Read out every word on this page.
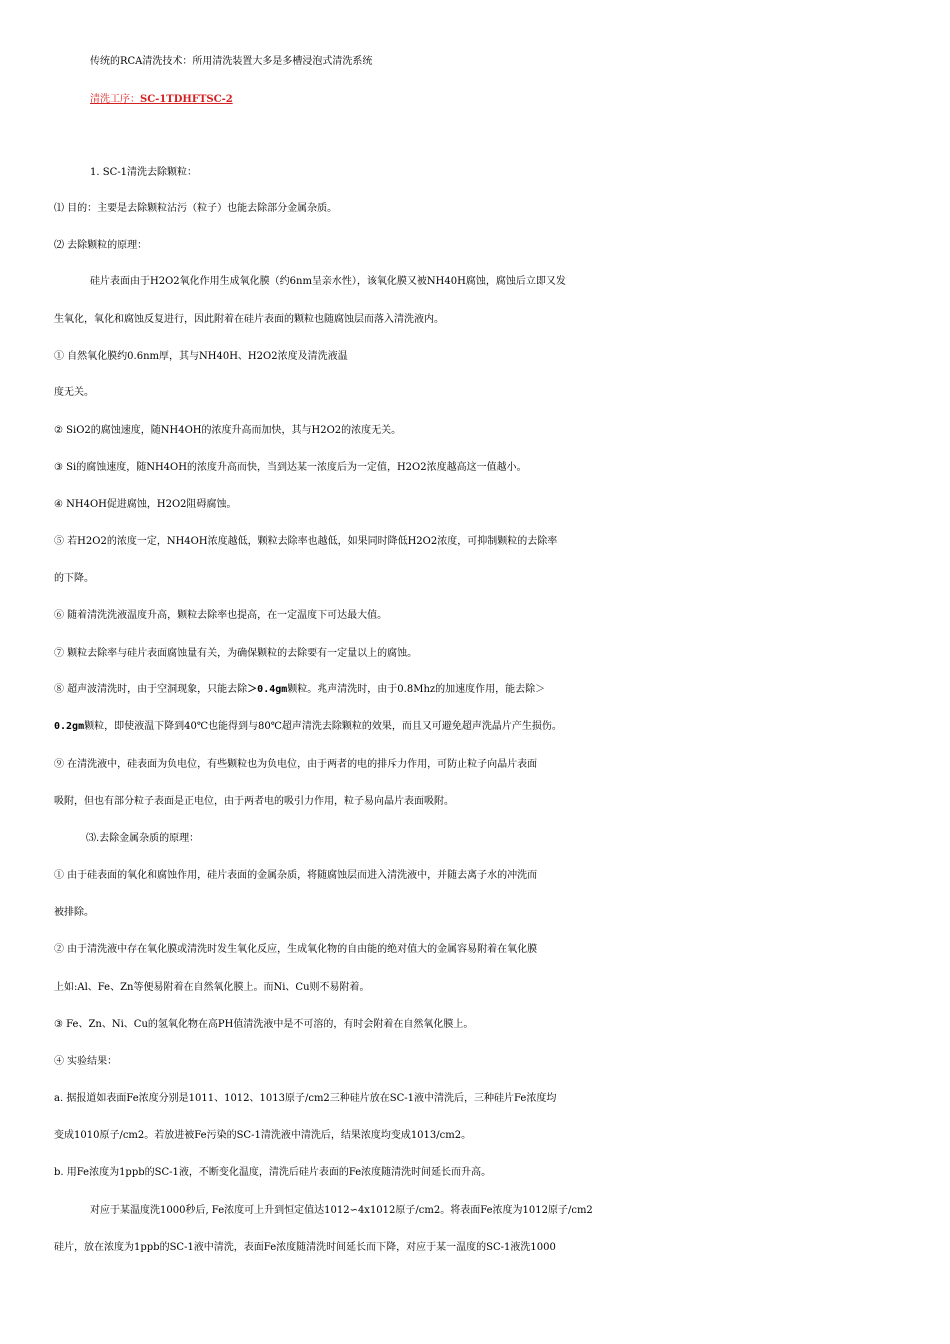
传统的RCA清洗技术：所用清洗装置大多是多槽浸泡式清洗系统
清洗工序：SC-1TDHFTSC-2
1. SC-1清洗去除颗粒：
⑴ 目的：主要是去除颗粒沾污（粒子）也能去除部分金属杂质。
⑵ 去除颗粒的原理：
硅片表面由于H2O2氧化作用生成氧化膜（约6nm呈亲水性），该氧化膜又被NH40H腐蚀，腐蚀后立即又发
生氧化，氧化和腐蚀反复进行，因此附着在硅片表面的颗粒也随腐蚀层而落入清洗液内。
① 自然氧化膜约0.6nm厚，其与NH40H、H2O2浓度及清洗液温
度无关。
② SiO2的腐蚀速度，随NH4OH的浓度升高而加快，其与H2O2的浓度无关。
③ Si的腐蚀速度，随NH4OH的浓度升高而快，当到达某一浓度后为一定值，H2O2浓度越高这一值越小。
④ NH4OH促进腐蚀，H2O2阻碍腐蚀。
⑤ 若H2O2的浓度一定，NH4OH浓度越低，颗粒去除率也越低，如果同时降低H2O2浓度，可抑制颗粒的去除率
的下降。
⑥ 随着清洗洗液温度升高，颗粒去除率也提高，在一定温度下可达最大值。
⑦ 颗粒去除率与硅片表面腐蚀量有关，为确保颗粒的去除要有一定量以上的腐蚀。
⑧ 超声波清洗时，由于空洞现象，只能去除＞0.4gm颗粒。兆声清洗时，由于0.8Mhz的加速度作用，能去除＞
0.2gm颗粒，即使液温下降到40℃也能得到与80℃超声清洗去除颗粒的效果，而且又可避免超声洗晶片产生损伤。
⑨ 在清洗液中，硅表面为负电位，有些颗粒也为负电位，由于两者的电的排斥力作用，可防止粒子向晶片表面
吸附，但也有部分粒子表面是正电位，由于两者电的吸引力作用，粒子易向晶片表面吸附。
⑶.去除金属杂质的原理：
① 由于硅表面的氧化和腐蚀作用，硅片表面的金属杂质，将随腐蚀层而进入清洗液中，并随去离子水的冲洗而
被排除。
② 由于清洗液中存在氧化膜或清洗时发生氧化反应，生成氧化物的自由能的绝对值大的金属容易附着在氧化膜
上如:Al、Fe、Zn等便易附着在自然氧化膜上。而Ni、Cu则不易附着。
③ Fe、Zn、Ni、Cu的氢氧化物在高PH值清洗液中是不可溶的，有时会附着在自然氧化膜上。
④ 实验结果：
a. 据报道如表面Fe浓度分别是1011、1012、1013原子/cm2三种硅片放在SC-1液中清洗后，三种硅片Fe浓度均
变成1010原子/cm2。若放进被Fe污染的SC-1清洗液中清洗后，结果浓度均变成1013/cm2。
b. 用Fe浓度为1ppb的SC-1液，不断变化温度，清洗后硅片表面的Fe浓度随清洗时间延长而升高。
对应于某温度洗1000秒后, Fe浓度可上升到恒定值达1012∽4x1012原子/cm2。将表面Fe浓度为1012原子/cm2
硅片，放在浓度为1ppb的SC-1液中清洗，表面Fe浓度随清洗时间延长而下降，对应于某一温度的SC-1液洗1000
